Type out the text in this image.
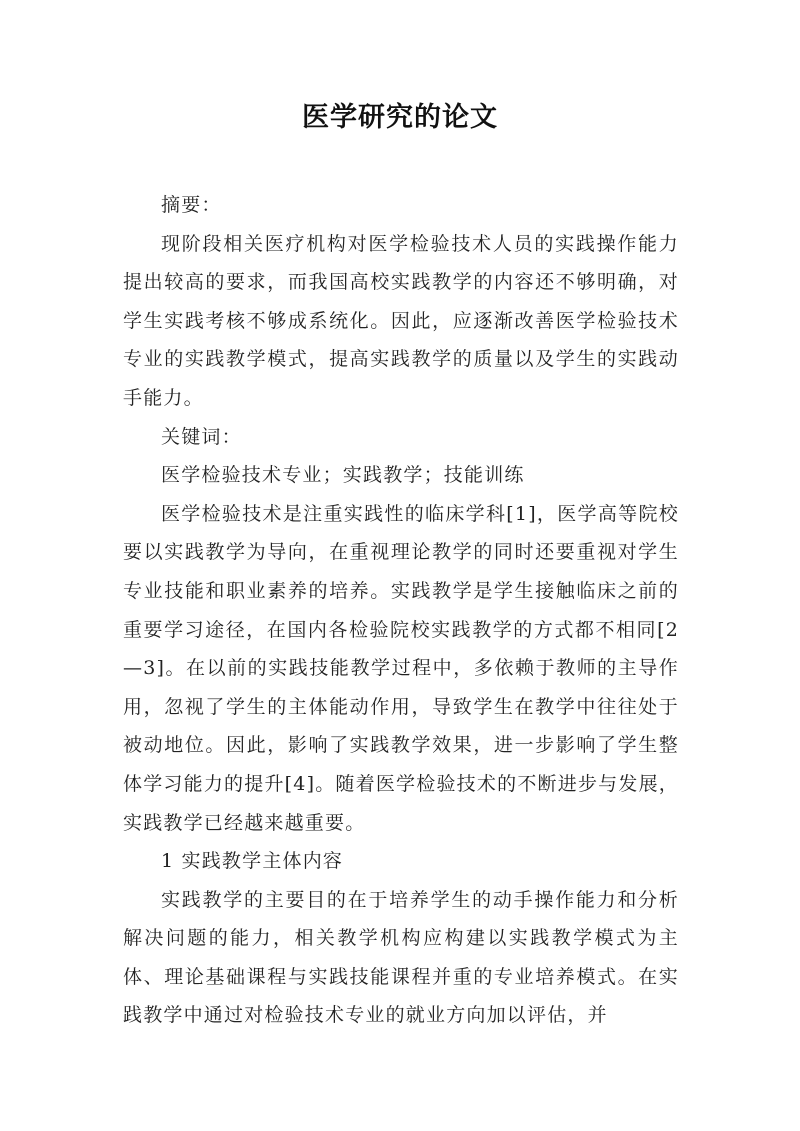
医学研究的论文

摘要：

现阶段相关医疗机构对医学检验技术人员的实践操作能力提出较高的要求，而我国高校实践教学的内容还不够明确，对学生实践考核不够成系统化。因此，应逐渐改善医学检验技术专业的实践教学模式，提高实践教学的质量以及学生的实践动手能力。

关键词：

医学检验技术专业；实践教学；技能训练

医学检验技术是注重实践性的临床学科[1]，医学高等院校要以实践教学为导向，在重视理论教学的同时还要重视对学生专业技能和职业素养的培养。实践教学是学生接触临床之前的重要学习途径，在国内各检验院校实践教学的方式都不相同[2—3]。在以前的实践技能教学过程中，多依赖于教师的主导作用，忽视了学生的主体能动作用，导致学生在教学中往往处于被动地位。因此，影响了实践教学效果，进一步影响了学生整体学习能力的提升[4]。随着医学检验技术的不断进步与发展，实践教学已经越来越重要。

1 实践教学主体内容

实践教学的主要目的在于培养学生的动手操作能力和分析解决问题的能力，相关教学机构应构建以实践教学模式为主体、理论基础课程与实践技能课程并重的专业培养模式。在实践教学中通过对检验技术专业的就业方向加以评估，并
